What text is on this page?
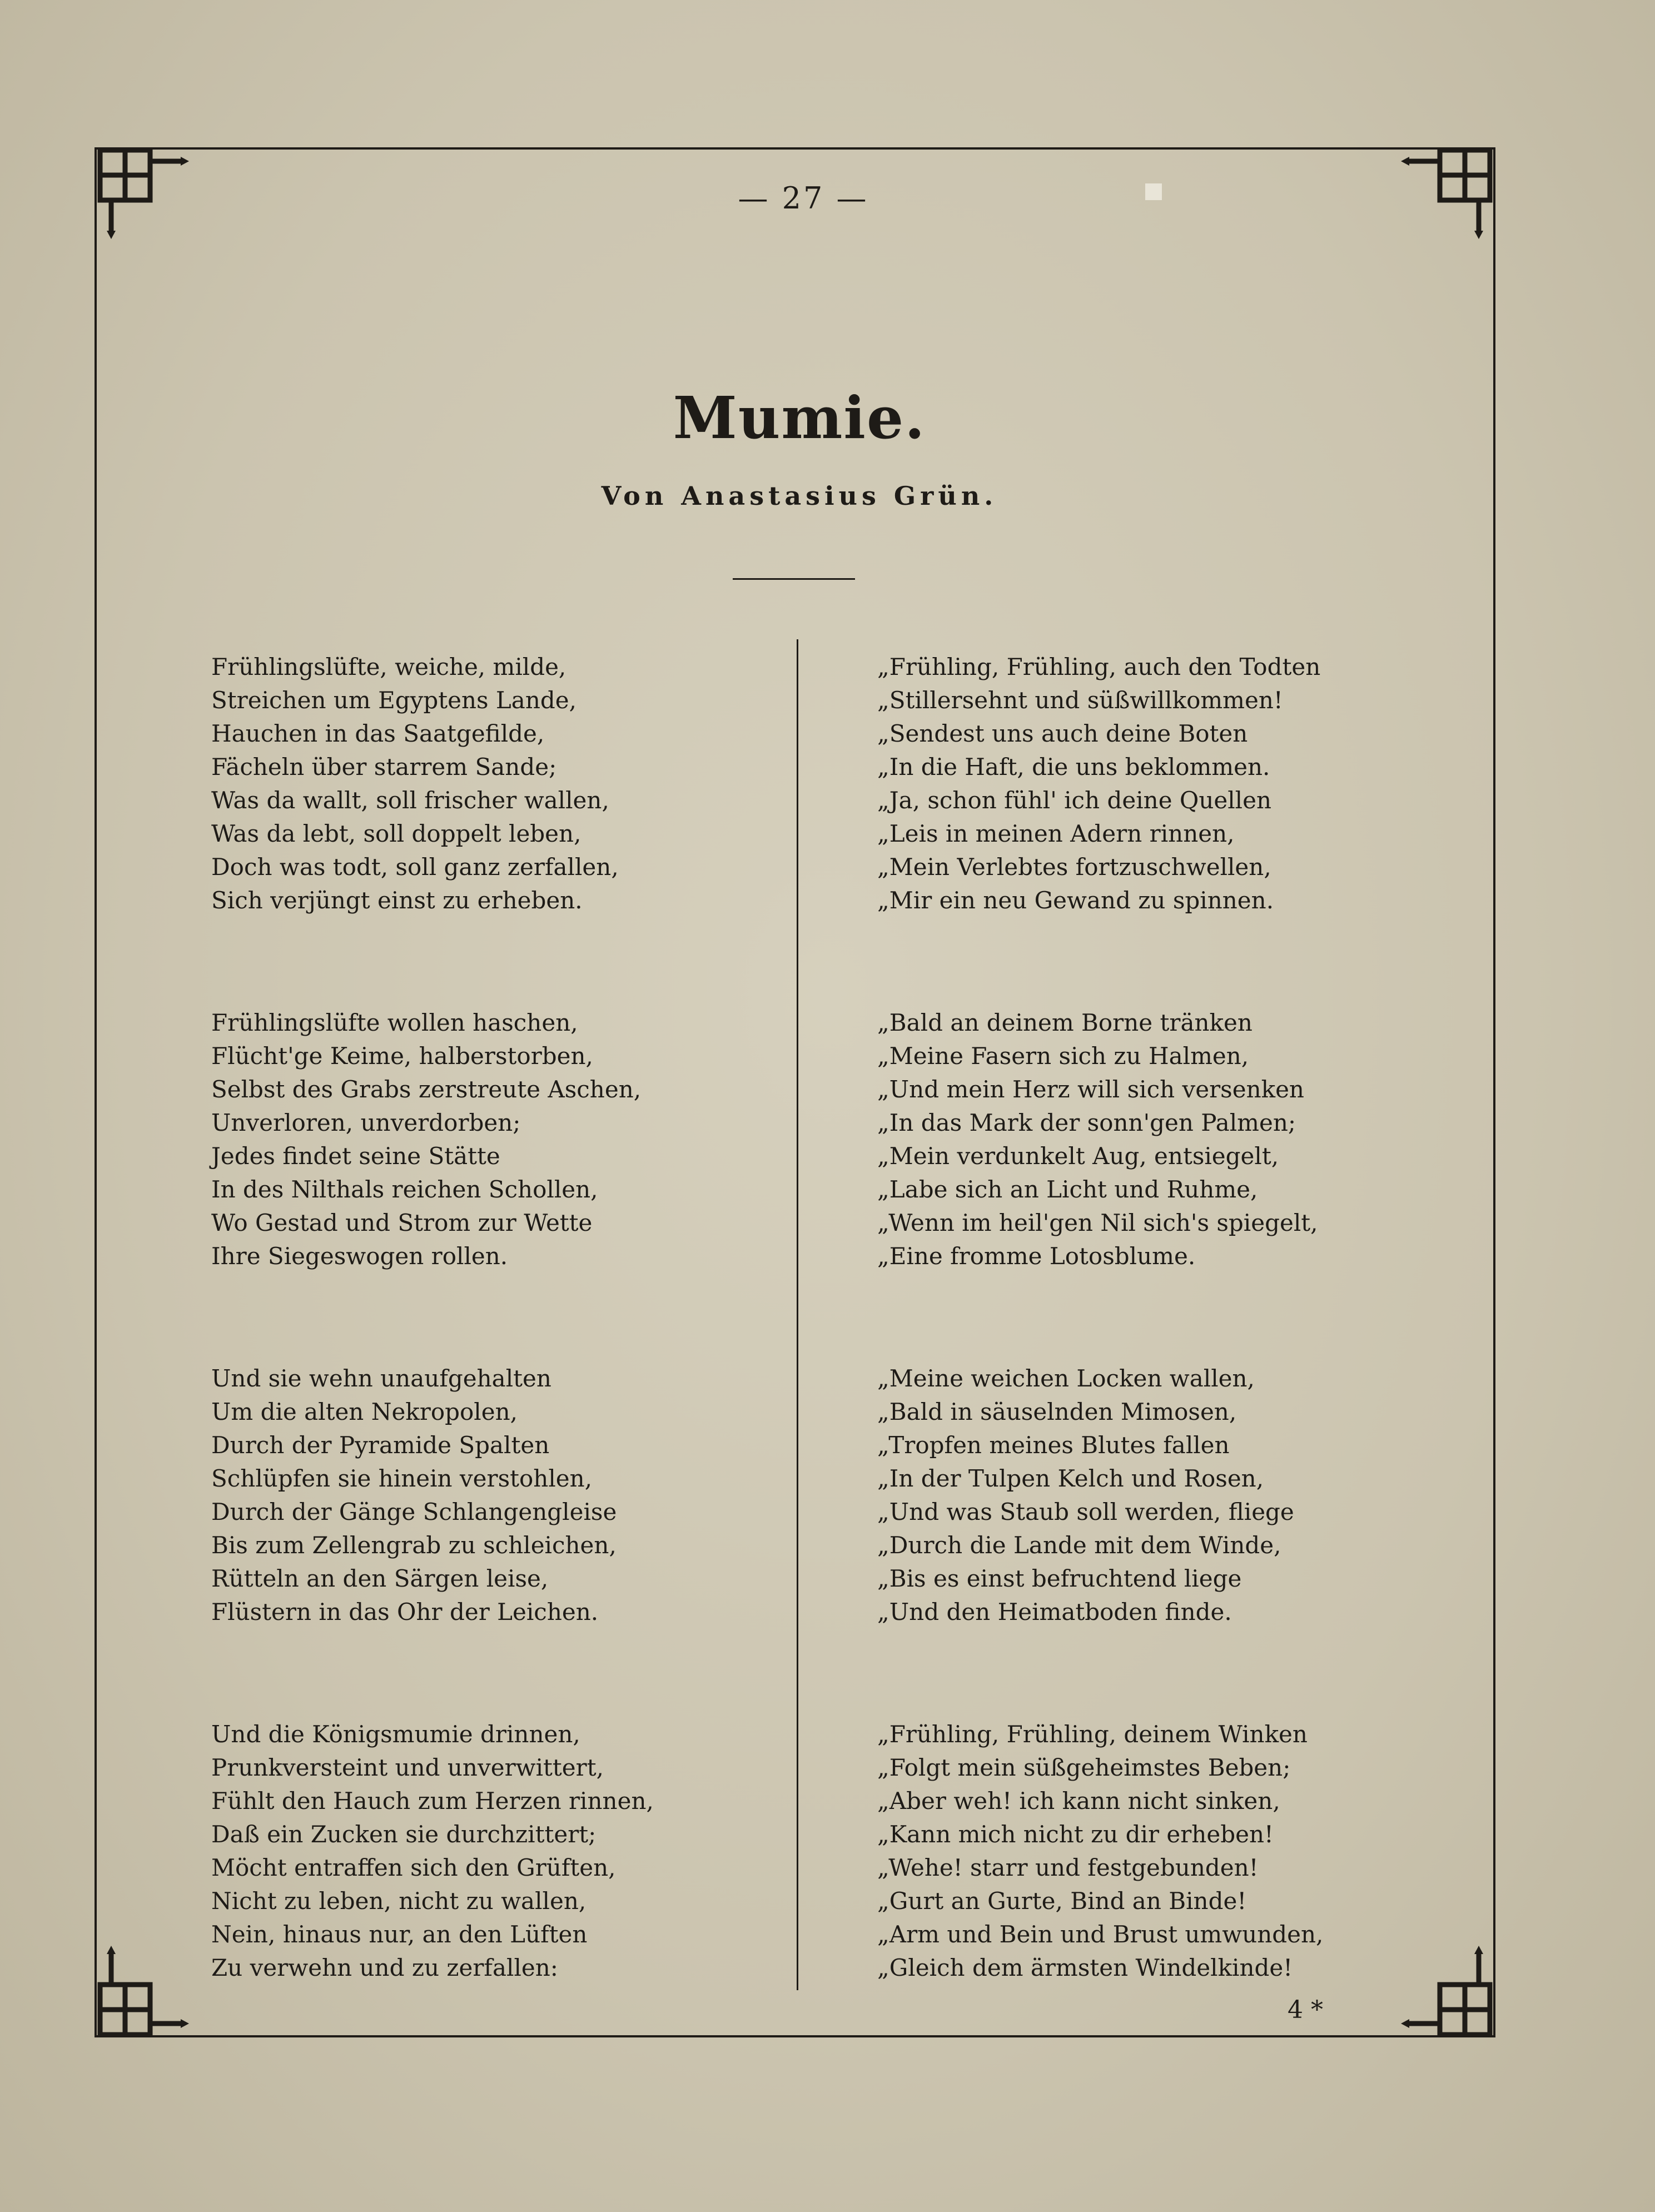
— 27 —
Mumie.
Von Anastasius Grün.
Frühlingslüfte, weiche, milde,
Streichen um Egyptens Lande,
Hauchen in das Saatgefilde,
Fächeln über starrem Sande;
Was da wallt, soll frischer wallen,
Was da lebt, soll doppelt leben,
Doch was todt, soll ganz zerfallen,
Sich verjüngt einst zu erheben.
Frühlingslüfte wollen haschen,
Flücht'ge Keime, halberstorben,
Selbst des Grabs zerstreute Aschen,
Unverloren, unverdorben;
Jedes findet seine Stätte
In des Nilthals reichen Schollen,
Wo Gestad und Strom zur Wette
Ihre Siegeswogen rollen.
Und sie wehn unaufgehalten
Um die alten Nekropolen,
Durch der Pyramide Spalten
Schlüpfen sie hinein verstohlen,
Durch der Gänge Schlangengleise
Bis zum Zellengrab zu schleichen,
Rütteln an den Särgen leise,
Flüstern in das Ohr der Leichen.
Und die Königsmumie drinnen,
Prunkversteint und unverwittert,
Fühlt den Hauch zum Herzen rinnen,
Daß ein Zucken sie durchzittert;
Möcht entraffen sich den Grüften,
Nicht zu leben, nicht zu wallen,
Nein, hinaus nur, an den Lüften
Zu verwehn und zu zerfallen:
„Frühling, Frühling, auch den Todten
„Stillersehnt und süßwillkommen!
„Sendest uns auch deine Boten
„In die Haft, die uns beklommen.
„Ja, schon fühl' ich deine Quellen
„Leis in meinen Adern rinnen,
„Mein Verlebtes fortzuschwellen,
„Mir ein neu Gewand zu spinnen.
„Bald an deinem Borne tränken
„Meine Fasern sich zu Halmen,
„Und mein Herz will sich versenken
„In das Mark der sonn'gen Palmen;
„Mein verdunkelt Aug, entsiegelt,
„Labe sich an Licht und Ruhme,
„Wenn im heil'gen Nil sich's spiegelt,
„Eine fromme Lotosblume.
„Meine weichen Locken wallen,
„Bald in säuselnden Mimosen,
„Tropfen meines Blutes fallen
„In der Tulpen Kelch und Rosen,
„Und was Staub soll werden, fliege
„Durch die Lande mit dem Winde,
„Bis es einst befruchtend liege
„Und den Heimatboden finde.
„Frühling, Frühling, deinem Winken
„Folgt mein süßgeheimstes Beben;
„Aber weh! ich kann nicht sinken,
„Kann mich nicht zu dir erheben!
„Wehe! starr und festgebunden!
„Gurt an Gurte, Bind an Binde!
„Arm und Bein und Brust umwunden,
„Gleich dem ärmsten Windelkinde!
4 *
